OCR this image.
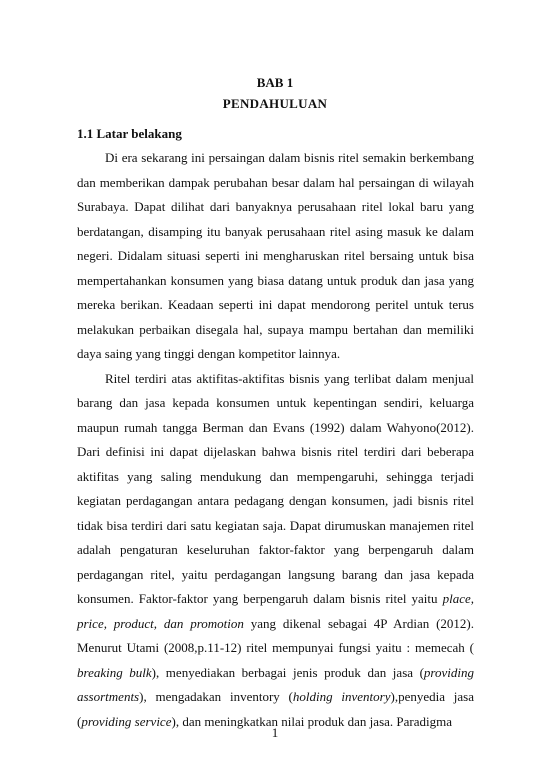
BAB 1
PENDAHULUAN
1.1 Latar belakang

Di era sekarang ini persaingan dalam bisnis ritel semakin berkembang dan memberikan dampak perubahan besar dalam hal persaingan di wilayah Surabaya. Dapat dilihat dari banyaknya perusahaan ritel lokal baru yang berdatangan, disamping itu banyak perusahaan ritel asing masuk ke dalam negeri. Didalam situasi seperti ini mengharuskan ritel bersaing untuk bisa mempertahankan konsumen yang biasa datang untuk produk dan jasa yang mereka berikan. Keadaan seperti ini dapat mendorong peritel untuk terus melakukan perbaikan disegala hal, supaya mampu bertahan dan memiliki daya saing yang tinggi dengan kompetitor lainnya.

Ritel terdiri atas aktifitas-aktifitas bisnis yang terlibat dalam menjual barang dan jasa kepada konsumen untuk kepentingan sendiri, keluarga maupun rumah tangga Berman dan Evans (1992) dalam Wahyono(2012). Dari definisi ini dapat dijelaskan bahwa bisnis ritel terdiri dari beberapa aktifitas yang saling mendukung dan mempengaruhi, sehingga terjadi kegiatan perdagangan antara pedagang dengan konsumen, jadi bisnis ritel tidak bisa terdiri dari satu kegiatan saja. Dapat dirumuskan manajemen ritel adalah pengaturan keseluruhan faktor-faktor yang berpengaruh dalam perdagangan ritel, yaitu perdagangan langsung barang dan jasa kepada konsumen. Faktor-faktor yang berpengaruh dalam bisnis ritel yaitu place, price, product, dan promotion yang dikenal sebagai 4P Ardian (2012). Menurut Utami (2008,p.11-12) ritel mempunyai fungsi yaitu : memecah ( breaking bulk), menyediakan berbagai jenis produk dan jasa (providing assortments), mengadakan inventory (holding inventory),penyedia jasa (providing service), dan meningkatkan nilai produk dan jasa. Paradigma

1
